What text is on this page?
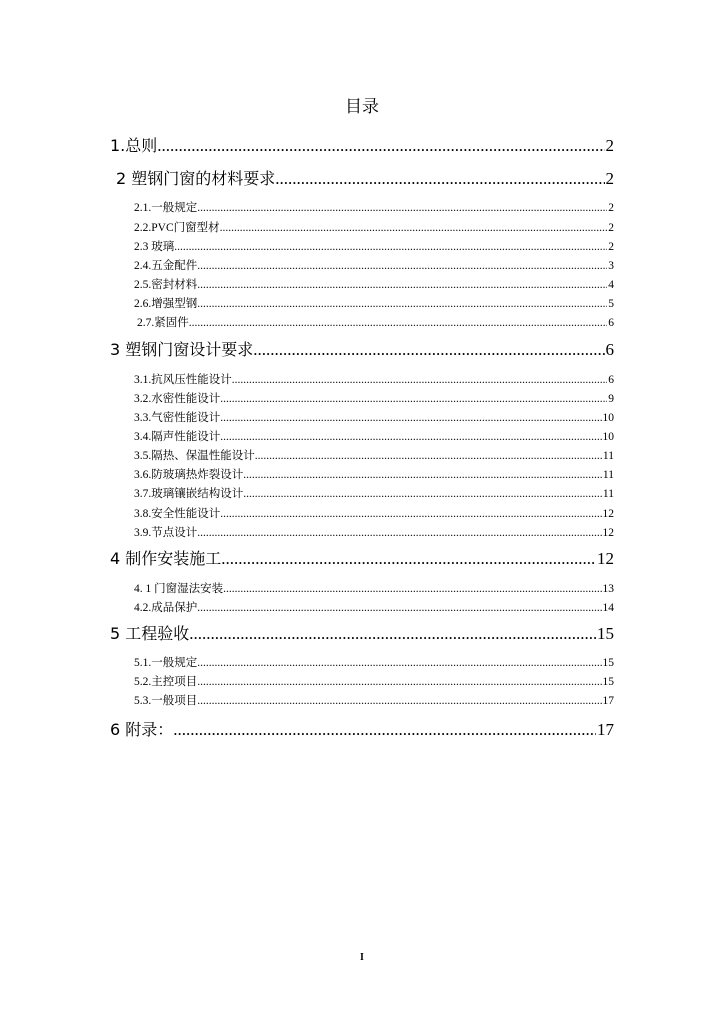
目录
1.总则 .....	2
2 塑钢门窗的材料要求 .....	2
2.1.一般规定 .....	2
2.2.PVC门窗型材 .....	2
2.3 玻璃 .....	2
2.4.五金配件 .....	3
2.5.密封材料 .....	4
2.6.增强型钢 .....	5
2.7.紧固件 .....	6
3 塑钢门窗设计要求 .....	6
3.1.抗风压性能设计 .....	6
3.2.水密性能设计 .....	9
3.3.气密性能设计 .....	10
3.4.隔声性能设计 .....	10
3.5.隔热、保温性能设计 .....	11
3.6.防玻璃热炸裂设计 .....	11
3.7.玻璃镶嵌结构设计 .....	11
3.8.安全性能设计 .....	12
3.9.节点设计 .....	12
4 制作安装施工 .....	12
4. 1 门窗湿法安装 .....	13
4.2.成品保护 .....	14
5 工程验收 .....	15
5.1.一般规定 .....	15
5.2.主控项目 .....	15
5.3.一般项目 .....	17
6 附录： .....	17
I
